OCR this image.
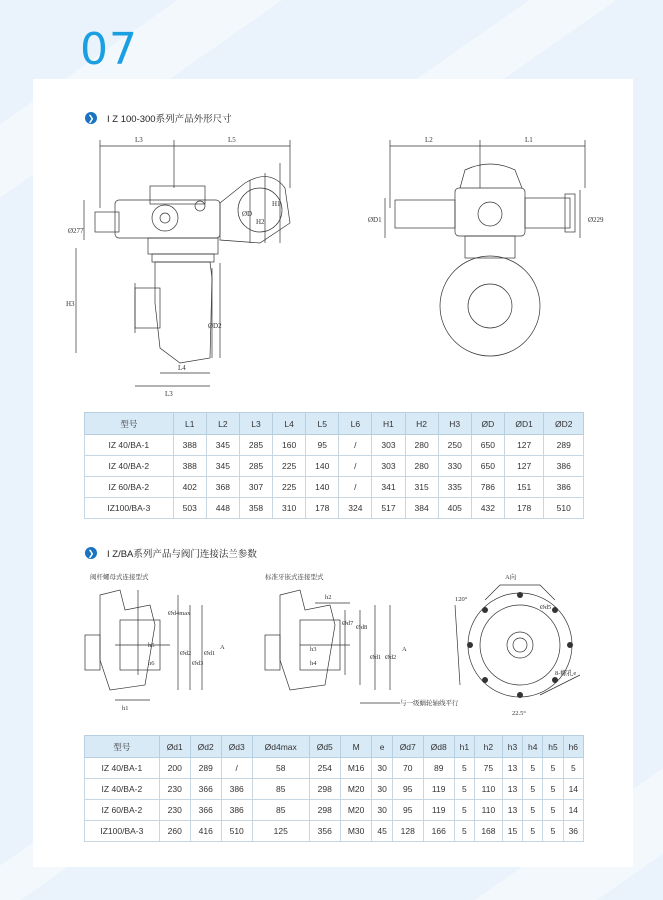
07
❯ I Z 100-300系列产品外形尺寸
L3	L5
ØD
H2
H1
Ø277
H3
ØD2
L4
L3
L2	L1
ØD1	Ø229
型号	L1	L2	L3	L4	L5	L6	H1	H2	H3	ØD	ØD1	ØD2
IZ 40/BA-1	388	345	285	160	95	/	303	280	250	650	127	289
IZ 40/BA-2	388	345	285	225	140	/	303	280	330	650	127	386
IZ 60/BA-2	402	368	307	225	140	/	341	315	335	786	151	386
IZ100/BA-3	503	448	358	310	178	324	517	384	405	432	178	510
❯ I Z/BA系列产品与阀门连接法兰参数
阀杆螺母式连接型式	标准牙嵌式连接型式	A向
Ød4max
Ød2
Ød3
Ød1
A
h5
h6
h1
h2
Ød7
Ød8
Ød1 Ød2
A
h3
h4
120°
Ød5
8-螺孔e
与一级蜗轮轴线平行
22.5°
型号	Ød1	Ød2	Ød3	Ød4max	Ød5	M	e	Ød7	Ød8	h1	h2	h3	h4	h5	h6
IZ 40/BA-1	200	289	/	58	254	M16	30	70	89	5	75	13	5	5	5
IZ 40/BA-2	230	366	386	85	298	M20	30	95	119	5	110	13	5	5	14
IZ 60/BA-2	230	366	386	85	298	M20	30	95	119	5	110	13	5	5	14
IZ100/BA-3	260	416	510	125	356	M30	45	128	166	5	168	15	5	5	36
